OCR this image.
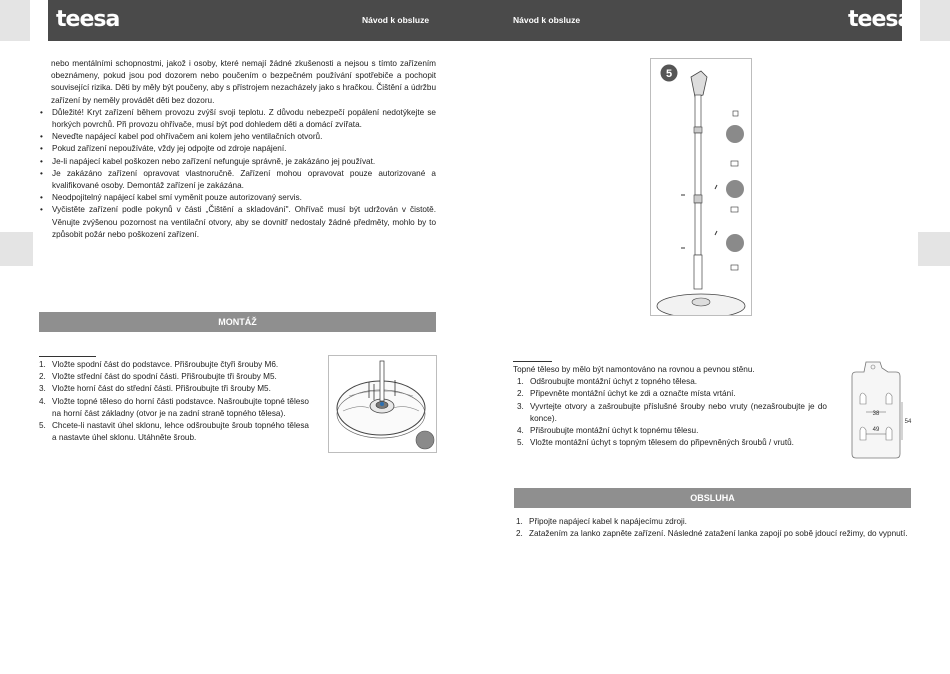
teesa	Návod k obsluze	Návod k obsluze	teesa

nebo mentálními schopnostmi, jakož i osoby, které nemají žádné zkušenosti a nejsou s tímto zařízením obeznámeny, pokud jsou pod dozorem nebo poučením o bezpečném používání spotřebiče a pochopit související rizika. Děti by měly být poučeny, aby s přístrojem nezacházely jako s hračkou. Čištění a údržbu zařízení by neměly provádět děti bez dozoru.

• Důležité! Kryt zařízení během provozu zvýší svoji teplotu. Z důvodu nebezpečí popálení nedotýkejte se horkých povrchů. Při provozu ohřívače, musí být pod dohledem děti a domácí zvířata.
• Neveďte napájecí kabel pod ohřívačem ani kolem jeho ventilačních otvorů.
• Pokud zařízení nepoužíváte, vždy jej odpojte od zdroje napájení.
• Je-li napájecí kabel poškozen nebo zařízení nefunguje správně, je zakázáno jej používat.
• Je zakázáno zařízení opravovat vlastnoručně. Zařízení mohou opravovat pouze autorizované a kvalifikované osoby. Demontáž zařízení je zakázána.
• Neodpojitelný napájecí kabel smí vyměnit pouze autorizovaný servis.
• Vyčistěte zařízení podle pokynů v části „Čištění a skladování". Ohřívač musí být udržován v čistotě. Věnujte zvýšenou pozornost na ventilační otvory, aby se dovnitř nedostaly žádné předměty, mohlo by to způsobit požár nebo poškození zařízení.
MONTÁŽ
1. Vložte spodní část do podstavce. Přišroubujte čtyři šrouby M6.
2. Vložte střední část do spodní části. Přišroubujte tři šrouby M5.
3. Vložte horní část do střední části. Přišroubujte tři šrouby M5.
4. Vložte topné těleso do horní části podstavce. Našroubujte topné těleso na horní část základny (otvor je na zadní straně topného tělesa).
5. Chcete-li nastavit úhel sklonu, lehce odšroubujte šroub topného tělesa a nastavte úhel sklonu. Utáhněte šroub.
5

Topné těleso by mělo být namontováno na rovnou a pevnou stěnu.

1. Odšroubujte montážní úchyt z topného tělesa.
2. Připevněte montážní úchyt ke zdi a označte místa vrtání.
3. Vyvrtejte otvory a zašroubujte příslušné šrouby nebo vruty (nezašroubujte je do konce).
4. Přišroubujte montážní úchyt k topnému tělesu.
5. Vložte montážní úchyt s topným tělesem do připevněných šroubů / vrutů.
38
49
54
OBSLUHA
1. Připojte napájecí kabel k napájecímu zdroji.
2. Zatažením za lanko zapněte zařízení. Následné zatažení lanka zapojí po sobě jdoucí režimy, do vypnutí.
